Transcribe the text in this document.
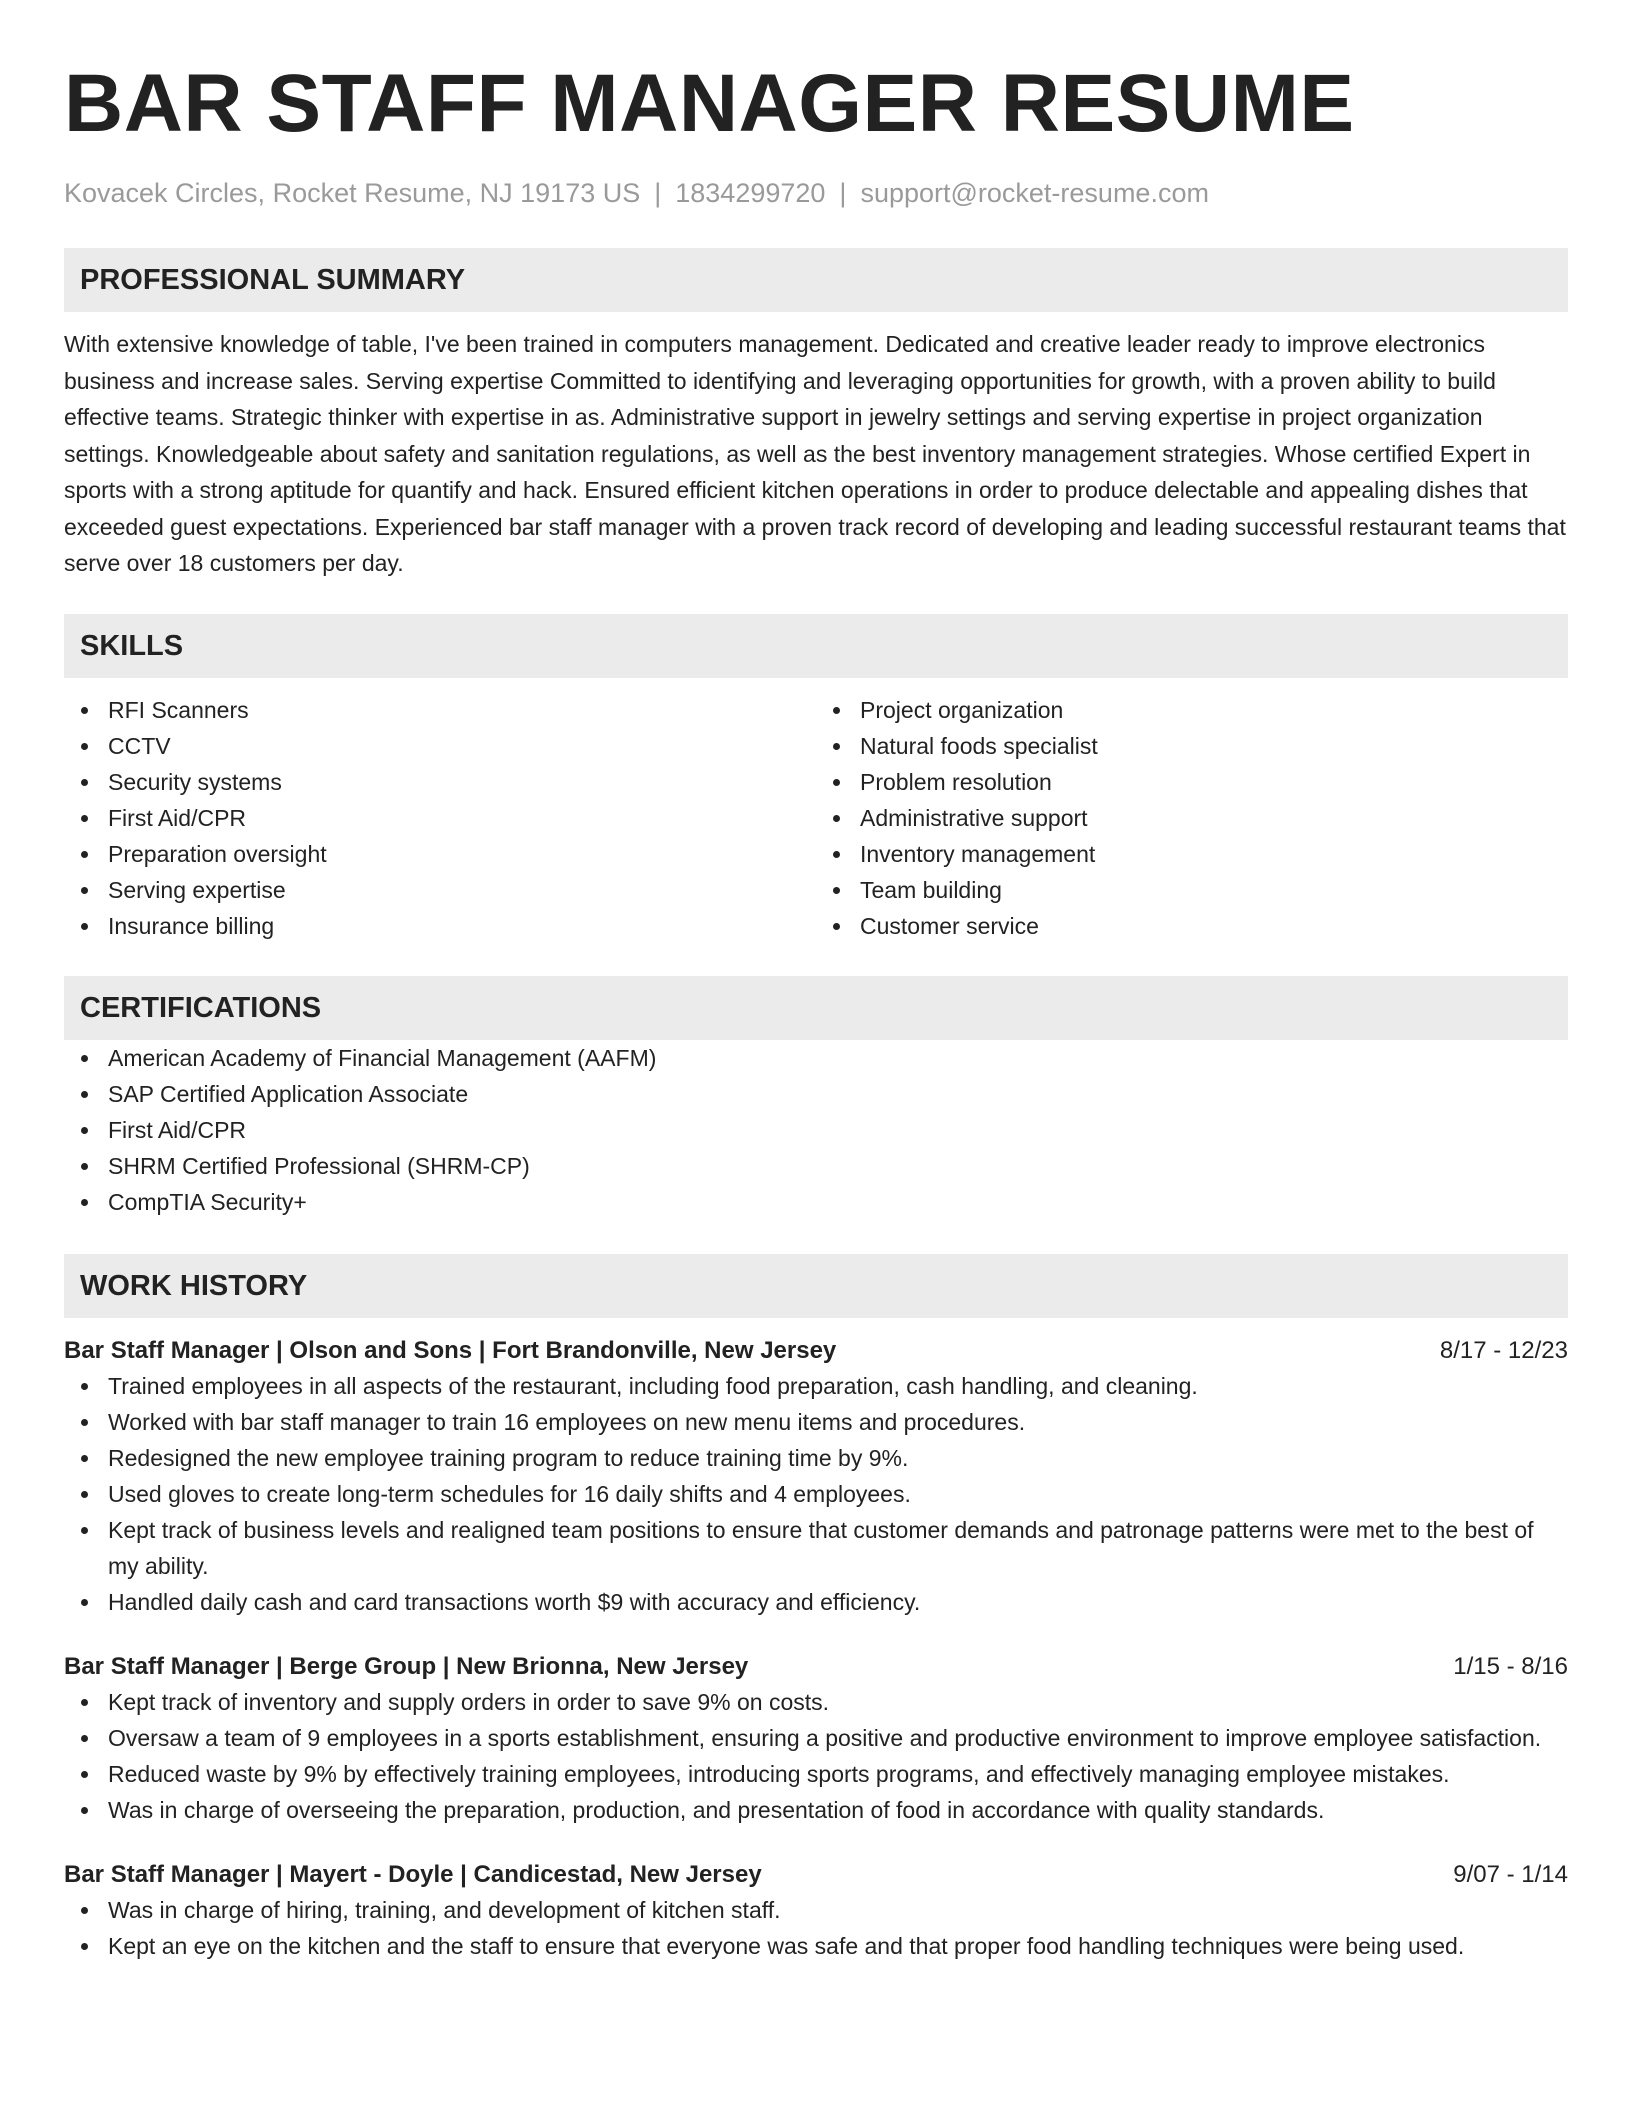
BAR STAFF MANAGER RESUME
Kovacek Circles, Rocket Resume, NJ 19173 US | 1834299720 | support@rocket-resume.com
PROFESSIONAL SUMMARY

With extensive knowledge of table, I've been trained in computers management. Dedicated and creative leader ready to improve electronics business and increase sales. Serving expertise Committed to identifying and leveraging opportunities for growth, with a proven ability to build effective teams. Strategic thinker with expertise in as. Administrative support in jewelry settings and serving expertise in project organization settings. Knowledgeable about safety and sanitation regulations, as well as the best inventory management strategies. Whose certified Expert in sports with a strong aptitude for quantify and hack. Ensured efficient kitchen operations in order to produce delectable and appealing dishes that exceeded guest expectations. Experienced bar staff manager with a proven track record of developing and leading successful restaurant teams that serve over 18 customers per day.

SKILLS
RFI Scanners
CCTV
Security systems
First Aid/CPR
Preparation oversight
Serving expertise
Insurance billing
Project organization
Natural foods specialist
Problem resolution
Administrative support
Inventory management
Team building
Customer service
CERTIFICATIONS
American Academy of Financial Management (AAFM)
SAP Certified Application Associate
First Aid/CPR
SHRM Certified Professional (SHRM-CP)
CompTIA Security+
WORK HISTORY
Bar Staff Manager | Olson and Sons | Fort Brandonville, New Jersey	8/17 - 12/23
Trained employees in all aspects of the restaurant, including food preparation, cash handling, and cleaning.
Worked with bar staff manager to train 16 employees on new menu items and procedures.
Redesigned the new employee training program to reduce training time by 9%.
Used gloves to create long-term schedules for 16 daily shifts and 4 employees.
Kept track of business levels and realigned team positions to ensure that customer demands and patronage patterns were met to the best of my ability.
Handled daily cash and card transactions worth $9 with accuracy and efficiency.
Bar Staff Manager | Berge Group | New Brionna, New Jersey	1/15 - 8/16
Kept track of inventory and supply orders in order to save 9% on costs.
Oversaw a team of 9 employees in a sports establishment, ensuring a positive and productive environment to improve employee satisfaction.
Reduced waste by 9% by effectively training employees, introducing sports programs, and effectively managing employee mistakes.
Was in charge of overseeing the preparation, production, and presentation of food in accordance with quality standards.
Bar Staff Manager | Mayert - Doyle | Candicestad, New Jersey	9/07 - 1/14
Was in charge of hiring, training, and development of kitchen staff.
Kept an eye on the kitchen and the staff to ensure that everyone was safe and that proper food handling techniques were being used.
